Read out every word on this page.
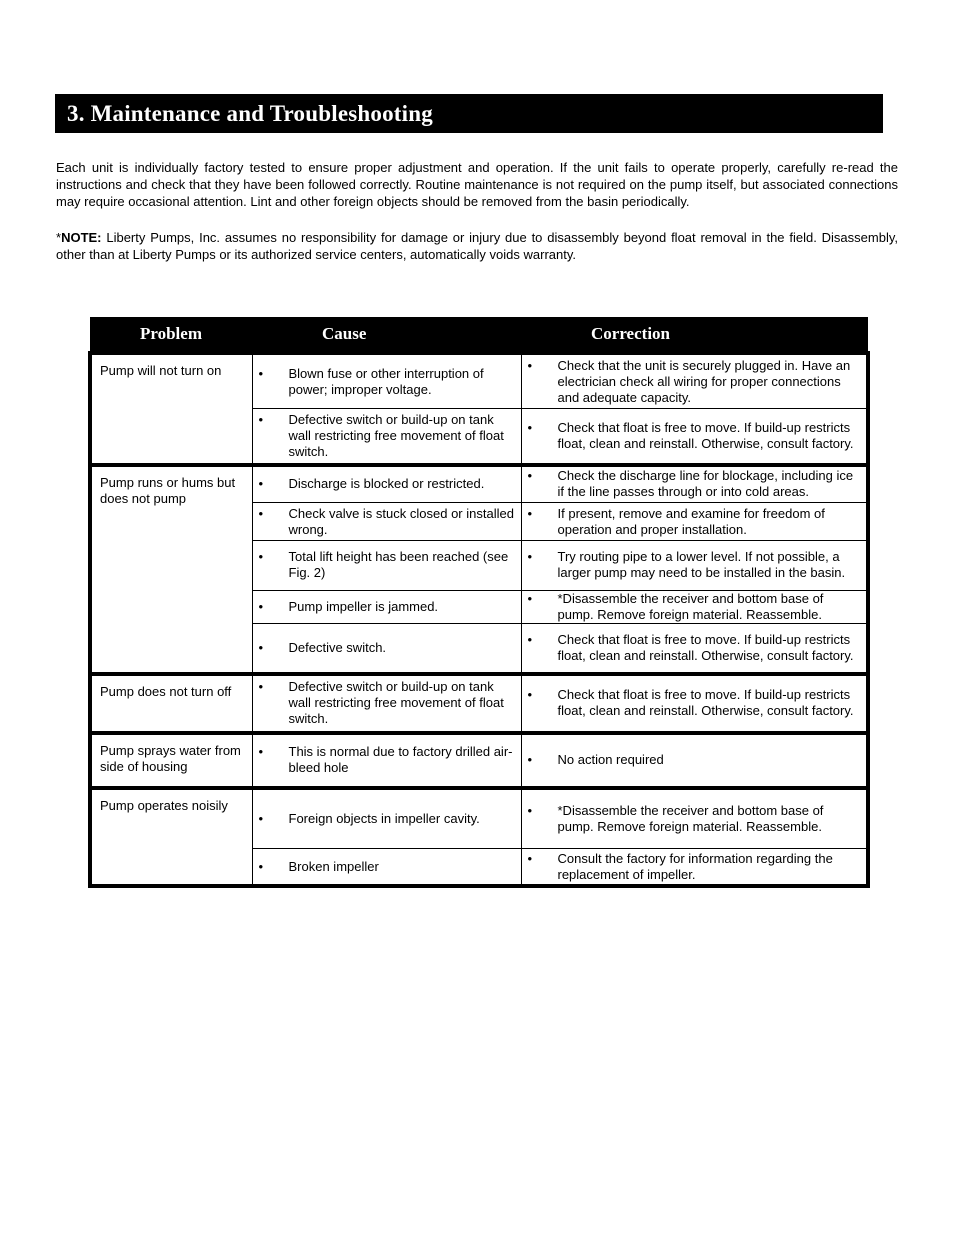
3. Maintenance and Troubleshooting

Each unit is individually factory tested to ensure proper adjustment and operation. If the unit fails to operate properly, carefully re-read the instructions and check that they have been followed correctly. Routine maintenance is not required on the pump itself, but associated connections may require occasional attention. Lint and other foreign objects should be removed from the basin periodically.

*NOTE: Liberty Pumps, Inc. assumes no responsibility for damage or injury due to disassembly beyond float removal in the field. Disassembly, other than at Liberty Pumps or its authorized service centers, automatically voids warranty.

Problem	Cause	Correction
Pump will not turn on	• Blown fuse or other interruption of power; improper voltage.	• Check that the unit is securely plugged in. Have an electrician check all wiring for proper connections and adequate capacity.

	• Defective switch or build-up on tank wall restricting free movement of float switch.	• Check that float is free to move. If build-up restricts float, clean and reinstall. Otherwise, consult factory.

Pump runs or hums but does not pump	• Discharge is blocked or restricted.	• Check the discharge line for blockage, including ice if the line passes through or into cold areas.

	• Check valve is stuck closed or installed wrong.	• If present, remove and examine for freedom of operation and proper installation.

	• Total lift height has been reached (see Fig. 2)	• Try routing pipe to a lower level. If not possible, a larger pump may need to be installed in the basin.

	• Pump impeller is jammed.	• *Disassemble the receiver and bottom base of pump. Remove foreign material. Reassemble.

	• Defective switch.	• Check that float is free to move. If build-up restricts float, clean and reinstall. Otherwise, consult factory.

Pump does not turn off	• Defective switch or build-up on tank wall restricting free movement of float switch.	• Check that float is free to move. If build-up restricts float, clean and reinstall. Otherwise, consult factory.

Pump sprays water from side of housing	• This is normal due to factory drilled air-bleed hole	• No action required

Pump operates noisily	• Foreign objects in impeller cavity.	• *Disassemble the receiver and bottom base of pump. Remove foreign material. Reassemble.

	• Broken impeller	• Consult the factory for information regarding the replacement of impeller.
